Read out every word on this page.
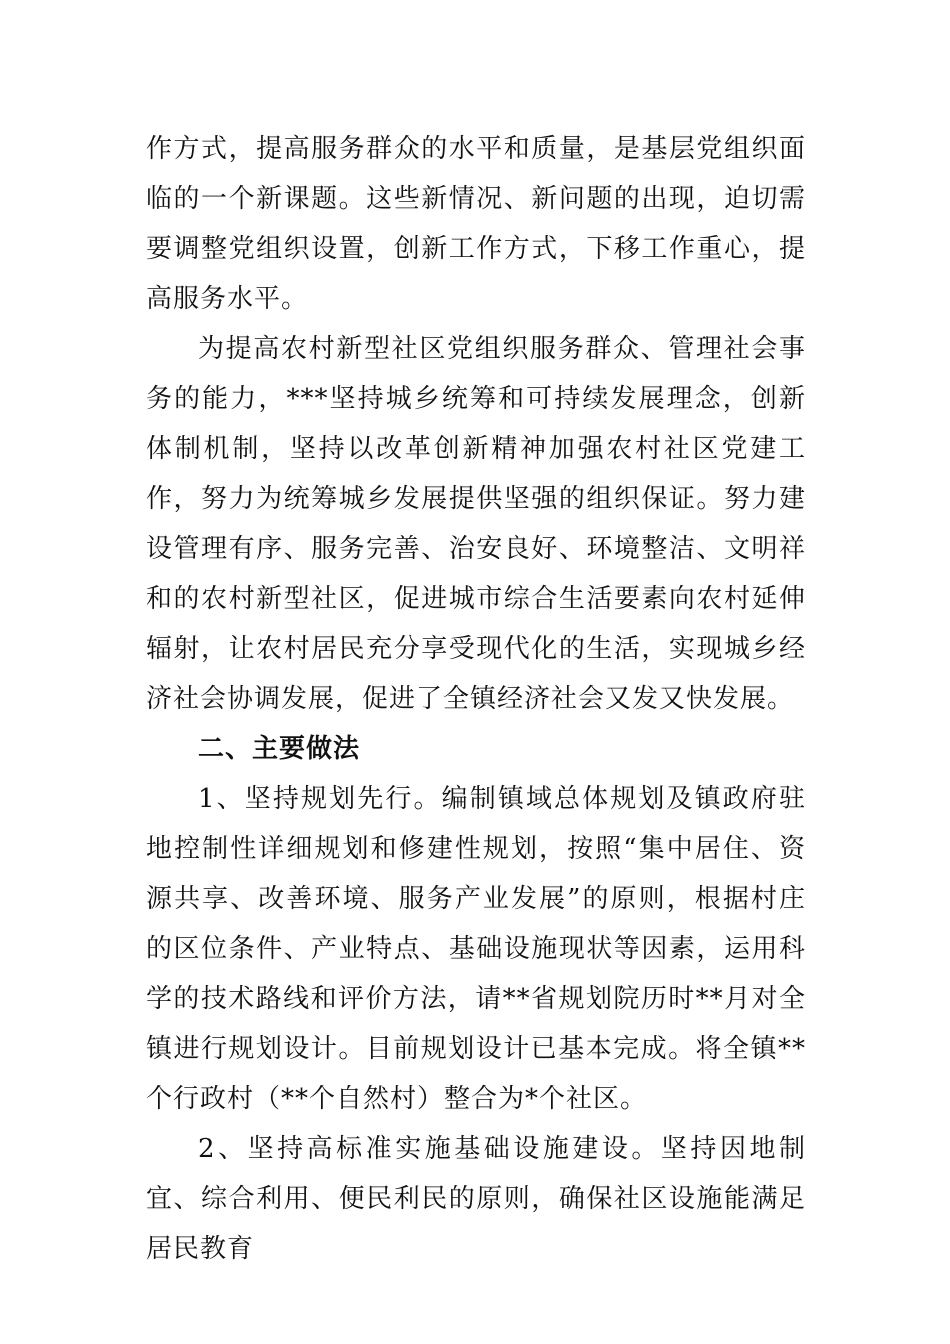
作方式，提高服务群众的水平和质量，是基层党组织面临的一个新课题。这些新情况、新问题的出现，迫切需要调整党组织设置，创新工作方式，下移工作重心，提高服务水平。

为提高农村新型社区党组织服务群众、管理社会事务的能力，***坚持城乡统筹和可持续发展理念，创新体制机制，坚持以改革创新精神加强农村社区党建工作，努力为统筹城乡发展提供坚强的组织保证。努力建设管理有序、服务完善、治安良好、环境整洁、文明祥和的农村新型社区，促进城市综合生活要素向农村延伸辐射，让农村居民充分享受现代化的生活，实现城乡经济社会协调发展，促进了全镇经济社会又发又快发展。

二、主要做法

1、坚持规划先行。编制镇域总体规划及镇政府驻地控制性详细规划和修建性规划，按照“集中居住、资源共享、改善环境、服务产业发展”的原则，根据村庄的区位条件、产业特点、基础设施现状等因素，运用科学的技术路线和评价方法，请**省规划院历时**月对全镇进行规划设计。目前规划设计已基本完成。将全镇**个行政村（**个自然村）整合为*个社区。

2、坚持高标准实施基础设施建设。坚持因地制宜、综合利用、便民利民的原则，确保社区设施能满足居民教育
